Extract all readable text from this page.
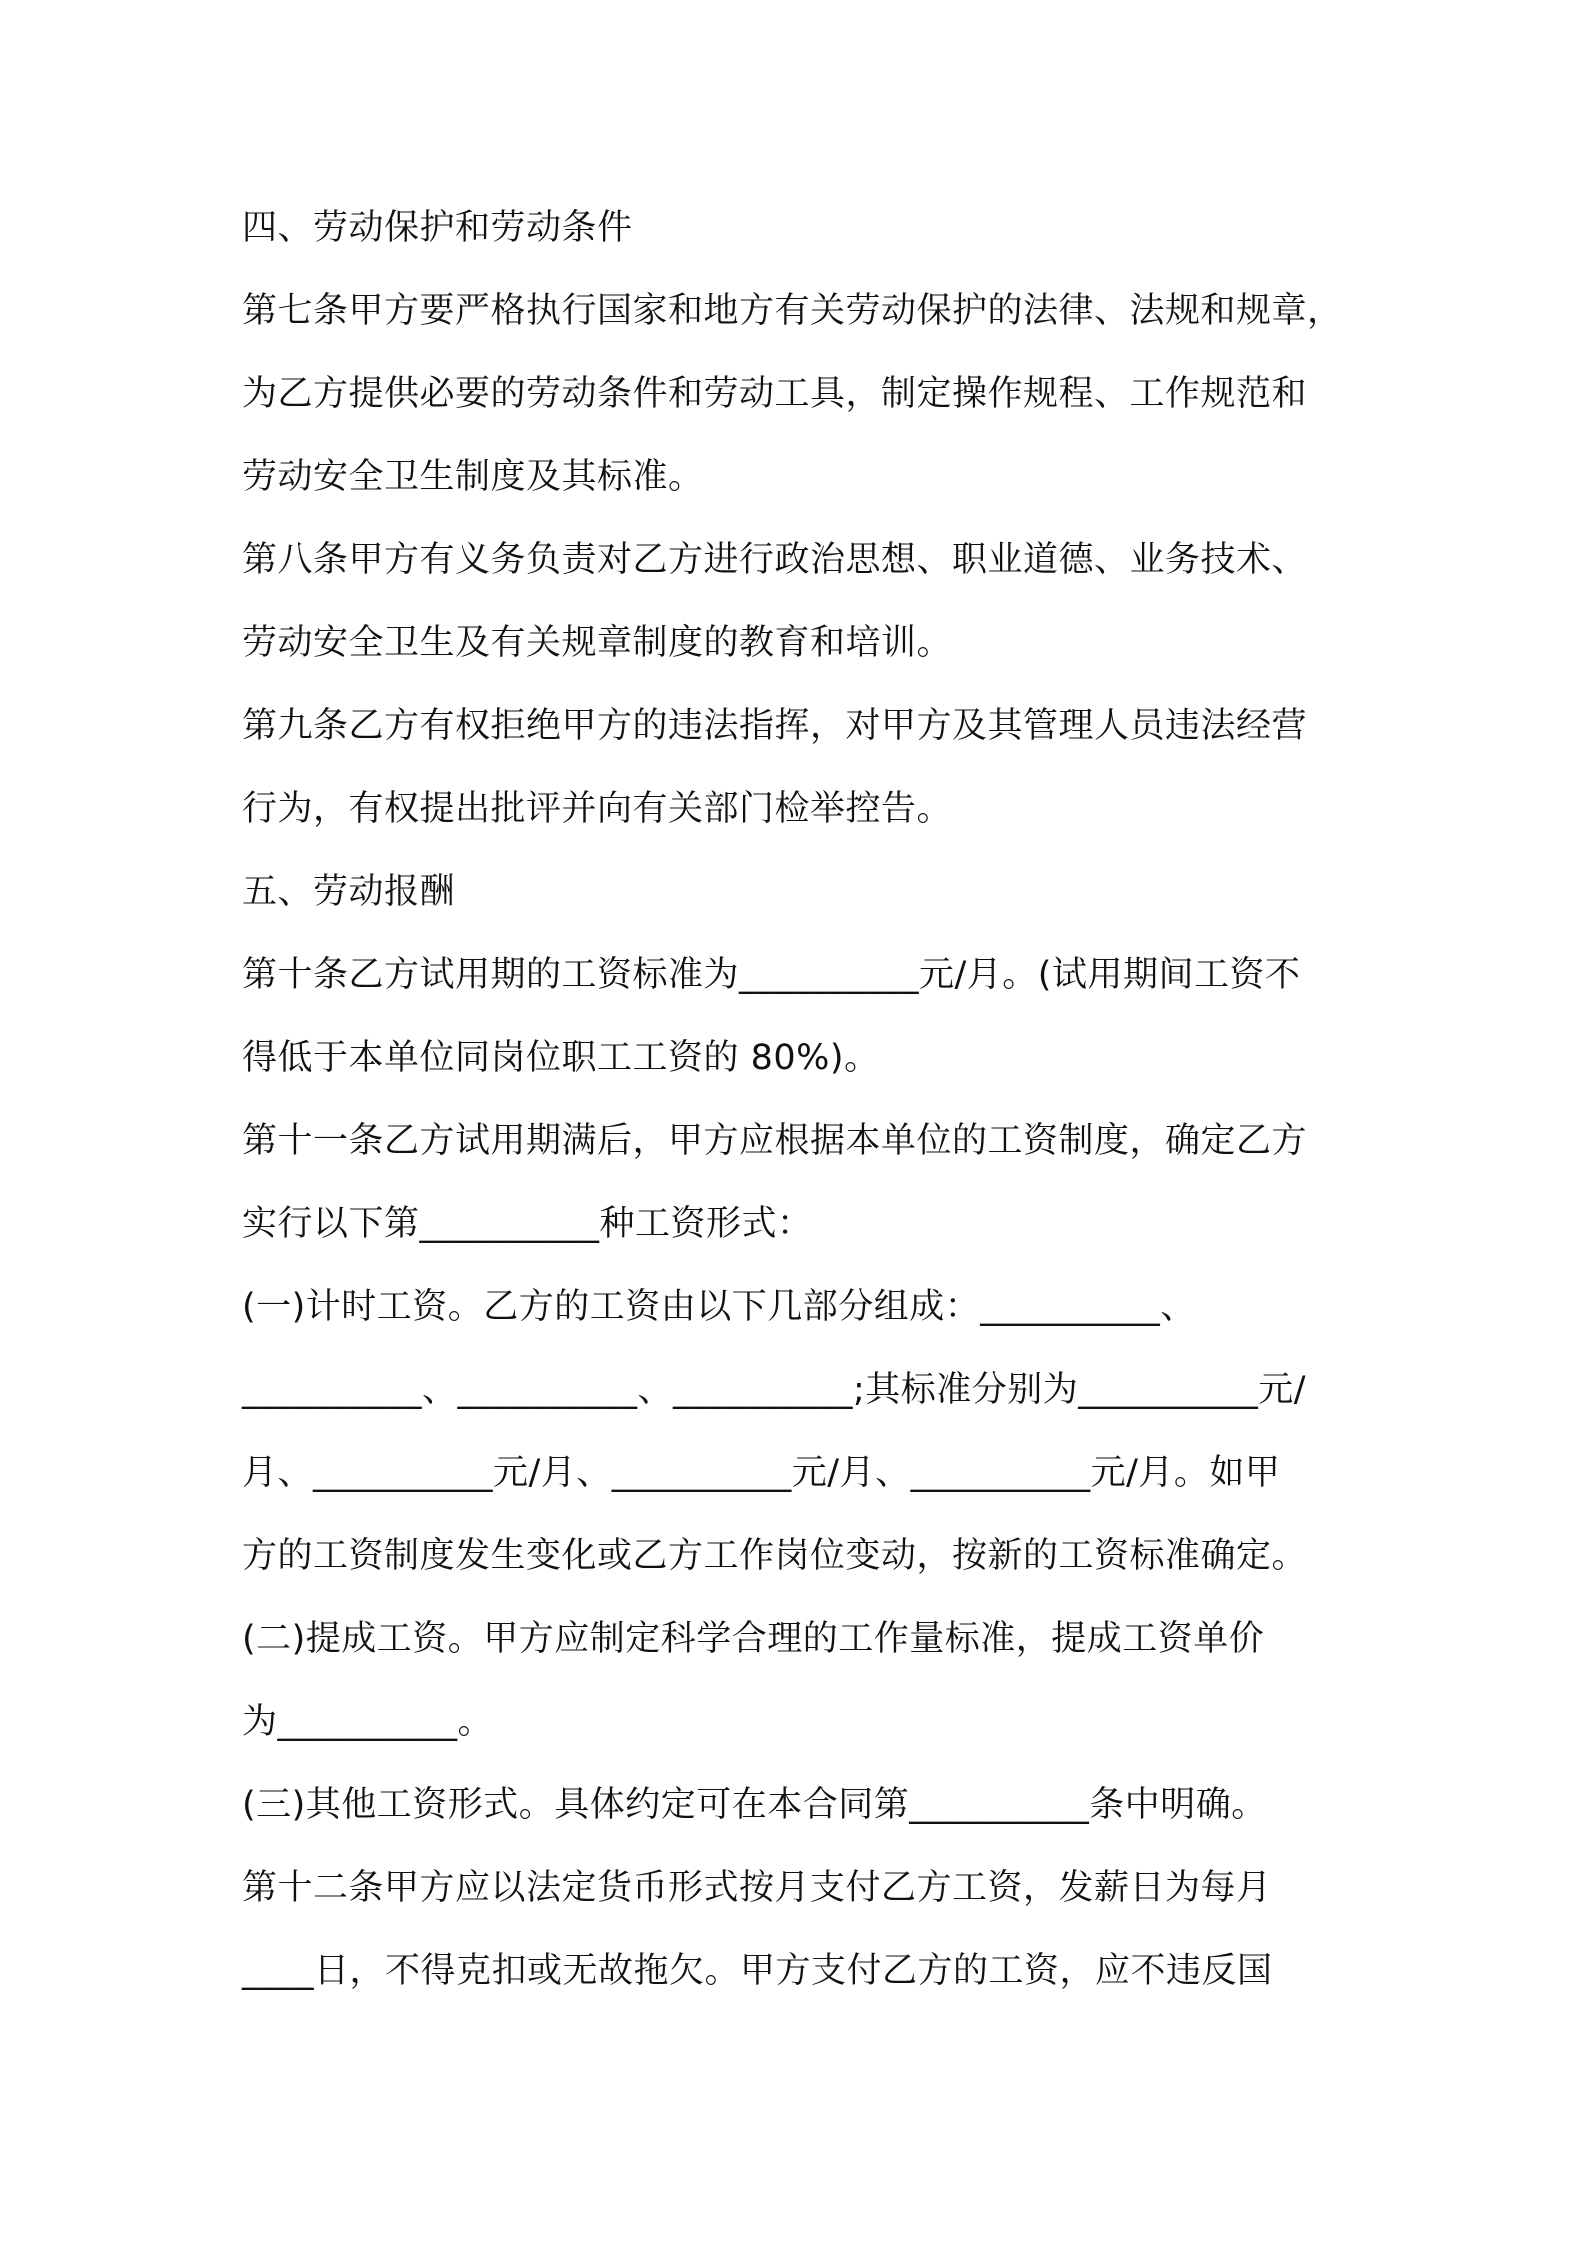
四、劳动保护和劳动条件
第七条甲方要严格执行国家和地方有关劳动保护的法律、法规和规章，
为乙方提供必要的劳动条件和劳动工具，制定操作规程、工作规范和
劳动安全卫生制度及其标准。
第八条甲方有义务负责对乙方进行政治思想、职业道德、业务技术、
劳动安全卫生及有关规章制度的教育和培训。
第九条乙方有权拒绝甲方的违法指挥，对甲方及其管理人员违法经营
行为，有权提出批评并向有关部门检举控告。
五、劳动报酬
第十条乙方试用期的工资标准为__________元/月。(试用期间工资不
得低于本单位同岗位职工工资的 80%)。
第十一条乙方试用期满后，甲方应根据本单位的工资制度，确定乙方
实行以下第__________种工资形式：
(一)计时工资。乙方的工资由以下几部分组成：__________、
__________、__________、__________;其标准分别为__________元/
月、__________元/月、__________元/月、__________元/月。如甲
方的工资制度发生变化或乙方工作岗位变动，按新的工资标准确定。
(二)提成工资。甲方应制定科学合理的工作量标准，提成工资单价
为__________。
(三)其他工资形式。具体约定可在本合同第__________条中明确。
第十二条甲方应以法定货币形式按月支付乙方工资，发薪日为每月
____日，不得克扣或无故拖欠。甲方支付乙方的工资，应不违反国
